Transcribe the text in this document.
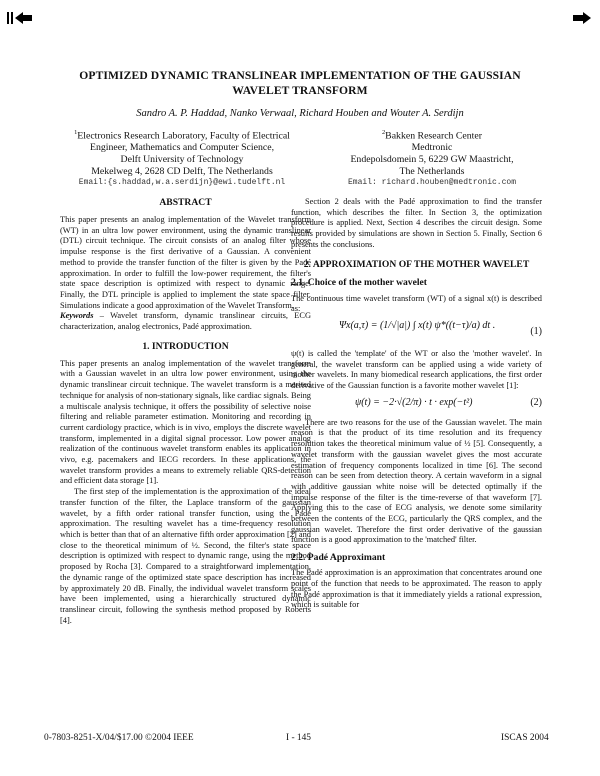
OPTIMIZED DYNAMIC TRANSLINEAR IMPLEMENTATION OF THE GAUSSIAN
WAVELET TRANSFORM
Sandro A. P. Haddad, Nanko Verwaal, Richard Houben and Wouter A. Serdijn
$^1$Electronics Research Laboratory, Faculty of Electrical
Engineer, Mathematics and Computer Science,
Delft University of Technology
Mekelweg 4, 2628 CD Delft, The Netherlands
Email:{s.haddad,w.a.serdijn}@ewi.tudelft.nl
$^2$Bakken Research Center
Medtronic
Endepolsdomein 5, 6229 GW Maastricht,
The Netherlands
Email: richard.houben@medtronic.com
ABSTRACT

This paper presents an analog implementation of the Wavelet transform (WT) in an ultra low power environment, using the dynamic translinear (DTL) circuit technique. The circuit consists of an analog filter whose impulse response is the first derivative of a Gaussian. A convenient method to provide the transfer function of the filter is given by the Padé approximation. In order to fulfill the low-power requirement, the filter's state space description is optimized with respect to dynamic range. Finally, the DTL principle is applied to implement the state space filter. Simulations indicate a good approximation of the Wavelet Transform.

Keywords – Wavelet transform, dynamic translinear circuits, ECG characterization, analog electronics, Padé approximation.

1. INTRODUCTION

This paper presents an analog implementation of the wavelet transform with a Gaussian wavelet in an ultra low power environment, using the dynamic translinear circuit technique. The wavelet transform is a merited technique for analysis of non-stationary signals, like cardiac signals. Being a multiscale analysis technique, it offers the possibility of selective noise filtering and reliable parameter estimation. Monitoring and recording in current cardiology practice, which is in vivo, employs the discrete wavelet transform, implemented in a digital signal processor. Low power analog realization of the continuous wavelet transform enables its application in vivo, e.g. pacemakers and IECG recorders. In these applications, the wavelet transform provides a means to extremely reliable QRS-detection and efficient data storage [1].

The first step of the implementation is the approximation of the ideal transfer function of the filter, the Laplace transform of the gaussian wavelet, by a fifth order rational transfer function, using the Padé approximation. The resulting wavelet has a time-frequency resolution which is better than that of an alternative fifth order approximation [2] and close to the theoretical minimum of ½. Second, the filter's state space description is optimized with respect to dynamic range, using the method proposed by Rocha [3]. Compared to a straightforward implementation, the dynamic range of the optimized state space description has increased by approximately 20 dB. Finally, the individual wavelet transform scales have been implemented, using a hierarchically structured dynamic translinear circuit, following the synthesis method proposed by Roberts [4].

Section 2 deals with the Padé approximation to find the transfer function, which describes the filter. In Section 3, the optimization procedure is applied. Next, Section 4 describes the circuit design. Some results provided by simulations are shown in Section 5. Finally, Section 6 presents the conclusions.

2. APPROXIMATION OF THE MOTHER WAVELET
2.1. Choice of the mother wavelet

The continuous time wavelet transform (WT) of a signal x(t) is described as:

Ψx(a,τ) = (1/√|a|) ∫ x(t) ψ*((t−τ)/a) dt .
(1)

ψ(t) is called the 'template' of the WT or also the 'mother wavelet'. In general, the wavelet transform can be applied using a wide variety of mother wavelets. In many biomedical research applications, the first order derivative of the Gaussian function is a favorite mother wavelet [1]:

ψ(t) = −2·√(2/π) · t · exp(−t²)	(2)

There are two reasons for the use of the Gaussian wavelet. The main reason is that the product of its time resolution and its frequency resolution takes the theoretical minimum value of ½ [5]. Consequently, a wavelet transform with the gaussian wavelet gives the most accurate estimation of frequency components localized in time [6]. The second reason can be seen from detection theory. A certain waveform in a signal with additive gaussian white noise will be detected optimally if the impulse response of the filter is the time-reverse of that waveform [7]. Applying this to the case of ECG analysis, we denote some similarity between the contents of the ECG, particularly the QRS complex, and the gaussian wavelet. Therefore the first order derivative of the gaussian function is a good approximation to the 'matched' filter.

2.2. Padé Approximant

The Padé approximation is an approximation that concentrates around one point of the function that needs to be approximated. The reason to apply the Padé approximation is that it immediately yields a rational expression, which is suitable for

0-7803-8251-X/04/$17.00 ©2004 IEEE	I - 145	ISCAS 2004
